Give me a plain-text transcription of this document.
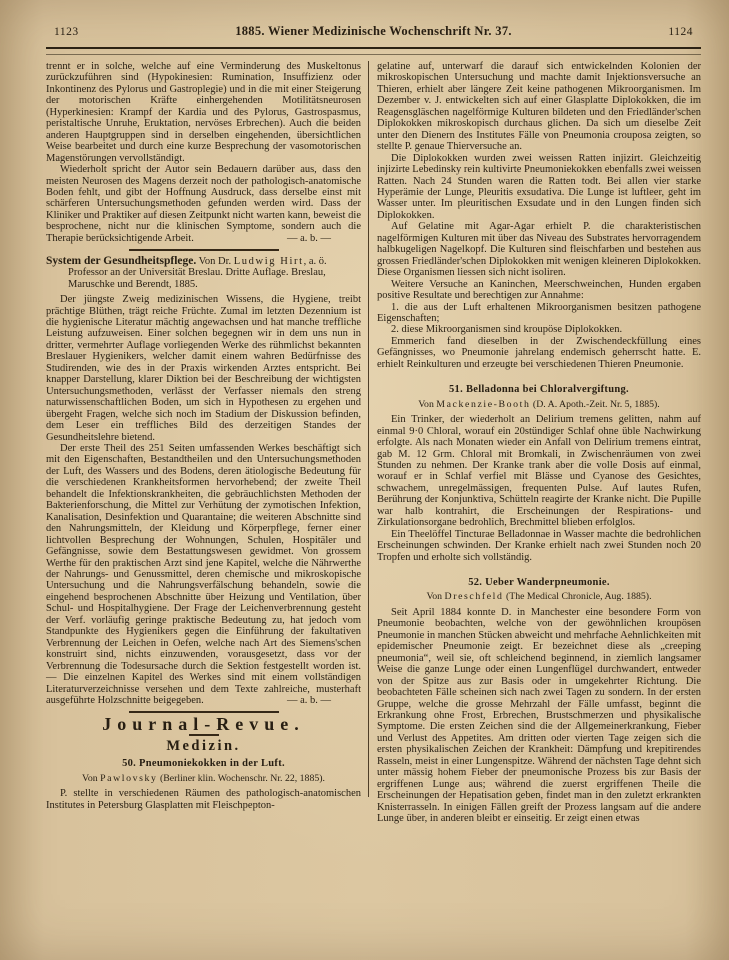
1123	1885. Wiener Medizinische Wochenschrift Nr. 37.	1124
trennt er in solche, welche auf eine Verminderung des Muskeltonus zurückzuführen sind (Hypokinesien: Rumination, Insuffizienz oder Inkontinenz des Pylorus und Gastroplegie) und in die mit einer Steigerung der motorischen Kräfte einhergehenden Motilitätsneurosen (Hyperkinesien: Krampf der Kardia und des Pylorus, Gastrospasmus, peristaltische Unruhe, Eruktation, nervöses Erbrechen). Auch die beiden anderen Hauptgruppen sind in derselben eingehenden, übersichtlichen Weise bearbeitet und durch eine kurze Besprechung der vasomotorischen Magenstörungen vervollständigt.
Wiederholt spricht der Autor sein Bedauern darüber aus, dass den meisten Neurosen des Magens derzeit noch der pathologisch-anatomische Boden fehlt, und gibt der Hoffnung Ausdruck, dass derselbe einst mit schärferen Untersuchungsmethoden gefunden werden wird. Dass der Kliniker und Praktiker auf diesen Zeitpunkt nicht warten kann, beweist die besprochene, nicht nur die klinischen Symptome, sondern auch die Therapie berücksichtigende Arbeit.	— a. b. —
System der Gesundheitspflege. Von Dr. Ludwig Hirt, a. ö. Professor an der Universität Breslau. Dritte Auflage. Breslau, Maruschke und Berendt, 1885.
Der jüngste Zweig medizinischen Wissens, die Hygiene, treibt prächtige Blüthen, trägt reiche Früchte. Zumal im letzten Dezennium ist die hygienische Literatur mächtig angewachsen und hat manche treffliche Leistung aufzuweisen. Einer solchen begegnen wir in dem uns nun in dritter, vermehrter Auflage vorliegenden Werke des rühmlichst bekannten Breslauer Hygienikers, welcher damit einem wahren Bedürfnisse des Studirenden, wie des in der Praxis wirkenden Arztes entspricht. Bei knapper Darstellung, klarer Diktion bei der Beschreibung der wichtigsten Untersuchungsmethoden, verlässt der Verfasser niemals den streng naturwissenschaftlichen Boden, um sich in Hypothesen zu ergehen und übergeht Fragen, welche sich noch im Stadium der Diskussion befinden, dem Leser ein treffliches Bild des derzeitigen Standes der Gesundheitslehre bietend.
Der erste Theil des 251 Seiten umfassenden Werkes beschäftigt sich mit den Eigenschaften, Bestandtheilen und den Untersuchungsmethoden der Luft, des Wassers und des Bodens, deren ätiologische Bedeutung für die verschiedenen Krankheitsformen hervorhebend; der zweite Theil behandelt die Infektionskrankheiten, die gebräuchlichsten Methoden der Bakterienforschung, die Mittel zur Verhütung der zymotischen Infektion, Kanalisation, Desinfektion und Quarantaine; die weiteren Abschnitte sind den Nahrungsmitteln, der Kleidung und Körperpflege, ferner einer lichtvollen Besprechung der Wohnungen, Schulen, Hospitäler und Gefängnisse, sowie dem Bestattungswesen gewidmet. Von grossem Werthe für den praktischen Arzt sind jene Kapitel, welche die Nährwerthe der Nahrungs- und Genussmittel, deren chemische und mikroskopische Untersuchung und die Nahrungsverfälschung behandeln, sowie die eingehend besprochenen Abschnitte über Heizung und Ventilation, über Schul- und Hospitalhygiene. Der Frage der Leichenverbrennung gesteht der Verf. vorläufig geringe praktische Bedeutung zu, hat jedoch vom Standpunkte des Hygienikers gegen die Einführung der fakultativen Verbrennung der Leichen in Oefen, welche nach Art des Siemens'schen konstruirt sind, nichts einzuwenden, vorausgesetzt, dass vor der Verbrennung die Todesursache durch die Sektion festgestellt worden ist. — Die einzelnen Kapitel des Werkes sind mit einem vollständigen Literaturverzeichnisse versehen und dem Texte zahlreiche, musterhaft ausgeführte Holzschnitte beigegeben.	— a. b. —
Journal-Revue.
Medizin.
50. Pneumoniekokken in der Luft.
Von Pawlovsky (Berliner klin. Wochenschr. Nr. 22, 1885).
P. stellte in verschiedenen Räumen des pathologisch-anatomischen Institutes in Petersburg Glasplatten mit Fleischpepton-
gelatine auf, unterwarf die darauf sich entwickelnden Kolonien der mikroskopischen Untersuchung und machte damit Injektionsversuche an Thieren, erhielt aber längere Zeit keine pathogenen Mikroorganismen. Im Dezember v. J. entwickelten sich auf einer Glasplatte Diplokokken, die im Reagensgläschen nagelförmige Kulturen bildeten und den Friedländer'schen Diplokokken mikroskopisch durchaus glichen. Da sich um dieselbe Zeit unter den Dienern des Institutes Fälle von Pneumonia crouposa zeigten, so stellte P. genaue Thierversuche an.
Die Diplokokken wurden zwei weissen Ratten injizirt. Gleichzeitig injizirte Lebedinsky rein kultivirte Pneumoniekokken ebenfalls zwei weissen Ratten. Nach 24 Stunden waren die Ratten todt. Bei allen vier starke Hyperämie der Lunge, Pleuritis exsudativa. Die Lunge ist luftleer, geht im Wasser unter. Im pleuritischen Exsudate und in den Lungen finden sich Diplokokken.
Auf Gelatine mit Agar-Agar erhielt P. die charakteristischen nagelförmigen Kulturen mit über das Niveau des Substrates hervorragendem halbkugeligen Nagelkopf. Die Kulturen sind fleischfarben und bestehen aus grossen Friedländer'schen Diplokokken mit wenigen kleineren Diplokokken. Diese Organismen liessen sich nicht isoliren.
Weitere Versuche an Kaninchen, Meerschweinchen, Hunden ergaben positive Resultate und berechtigen zur Annahme:
1. die aus der Luft erhaltenen Mikroorganismen besitzen pathogene Eigenschaften;
2. diese Mikroorganismen sind kroupöse Diplokokken.
Emmerich fand dieselben in der Zwischendeckfüllung eines Gefängnisses, wo Pneumonie jahrelang endemisch geherrscht hatte. E. erhielt Reinkulturen und erzeugte bei verschiedenen Thieren Pneumonie.
51. Belladonna bei Chloralvergiftung.
Von Mackenzie-Booth (D. A. Apoth.-Zeit. Nr. 5, 1885).
Ein Trinker, der wiederholt an Delirium tremens gelitten, nahm auf einmal 9·0 Chloral, worauf ein 20stündiger Schlaf ohne üble Nachwirkung erfolgte. Als nach Monaten wieder ein Anfall von Delirium tremens eintrat, gab M. 12 Grm. Chloral mit Bromkali, in Zwischenräumen von zwei Stunden zu nehmen. Der Kranke trank aber die volle Dosis auf einmal, worauf er in Schlaf verfiel mit Blässe und Cyanose des Gesichtes, schwachem, unregelmässigen, frequenten Pulse. Auf lautes Rufen, Berührung der Konjunktiva, Schütteln reagirte der Kranke nicht. Die Pupille war halb kontrahirt, die Erscheinungen der Respirations- und Zirkulationsorgane bedrohlich, Brechmittel blieben erfolglos.
Ein Theelöffel Tincturae Belladonnae in Wasser machte die bedrohlichen Erscheinungen schwinden. Der Kranke erhielt nach zwei Stunden noch 20 Tropfen und erholte sich vollständig.
52. Ueber Wanderpneumonie.
Von Dreschfeld (The Medical Chronicle, Aug. 1885).
Seit April 1884 konnte D. in Manchester eine besondere Form von Pneumonie beobachten, welche von der gewöhnlichen kroupösen Pneumonie in manchen Stücken abweicht und mehrfache Aehnlichkeiten mit epidemischer Pneumonie zeigt. Er bezeichnet diese als „creeping pneumonia“, weil sie, oft schleichend beginnend, in ziemlich langsamer Weise die ganze Lunge oder einen Lungenflügel durchwandert, entweder von der Spitze aus zur Basis oder in umgekehrter Richtung. Die beobachteten Fälle scheinen sich nach zwei Tagen zu sondern. In der ersten Gruppe, welche die grosse Mehrzahl der Fälle umfasst, beginnt die Erkrankung ohne Frost, Erbrechen, Brustschmerzen und physikalische Symptome. Die ersten Zeichen sind die der Allgemeinerkrankung, Fieber und Verlust des Appetites. Am dritten oder vierten Tage zeigen sich die ersten physikalischen Zeichen der Krankheit: Dämpfung und krepitirendes Rasseln, meist in einer Lungenspitze. Während der nächsten Tage dehnt sich unter mässig hohem Fieber der pneumonische Prozess bis zur Basis der ergriffenen Lunge aus; während die zuerst ergriffenen Theile die Erscheinungen der Hepatisation geben, findet man in den zuletzt erkrankten Knisterrasseln. In einigen Fällen greift der Prozess langsam auf die andere Lunge über, in anderen bleibt er einseitig. Er zeigt einen etwas
